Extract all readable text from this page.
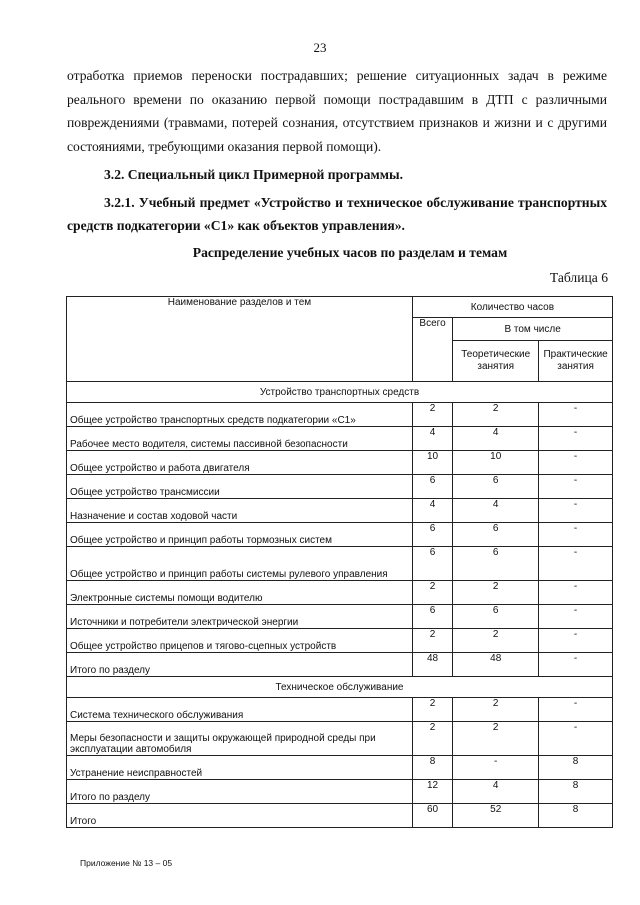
23

отработка приемов переноски пострадавших; решение ситуационных задач в режиме реального времени по оказанию первой помощи пострадавшим в ДТП с различными повреждениями (травмами, потерей сознания, отсутствием признаков и жизни и с другими состояниями, требующими оказания первой помощи).

3.2. Специальный цикл Примерной программы.

3.2.1. Учебный предмет «Устройство и техническое обслуживание транспортных средств подкатегории «С1» как объектов управления».

Распределение учебных часов по разделам и темам
Таблица 6
Наименование разделов и тем	Количество часов		
	Всего	В том числе	
		Теоретические занятия	Практические занятия
Устройство транспортных средств			
Общее устройство транспортных средств подкатегории «С1»	2	2	-
Рабочее место водителя, системы пассивной безопасности	4	4	-
Общее устройство и работа двигателя	10	10	-
Общее устройство трансмиссии	6	6	-
Назначение и состав ходовой части	4	4	-
Общее устройство и принцип работы тормозных систем	6	6	-
Общее устройство и принцип работы системы рулевого управления	6	6	-
Электронные системы помощи водителю	2	2	-
Источники и потребители электрической энергии	6	6	-
Общее устройство прицепов и тягово-сцепных устройств	2	2	-
Итого по разделу	48	48	-
Техническое обслуживание			
Система технического обслуживания	2	2	-
Меры безопасности и защиты окружающей природной среды при эксплуатации автомобиля	2	2	-
Устранение неисправностей	8	-	8
Итого по разделу	12	4	8
Итого	60	52	8
Приложение № 13 – 05
